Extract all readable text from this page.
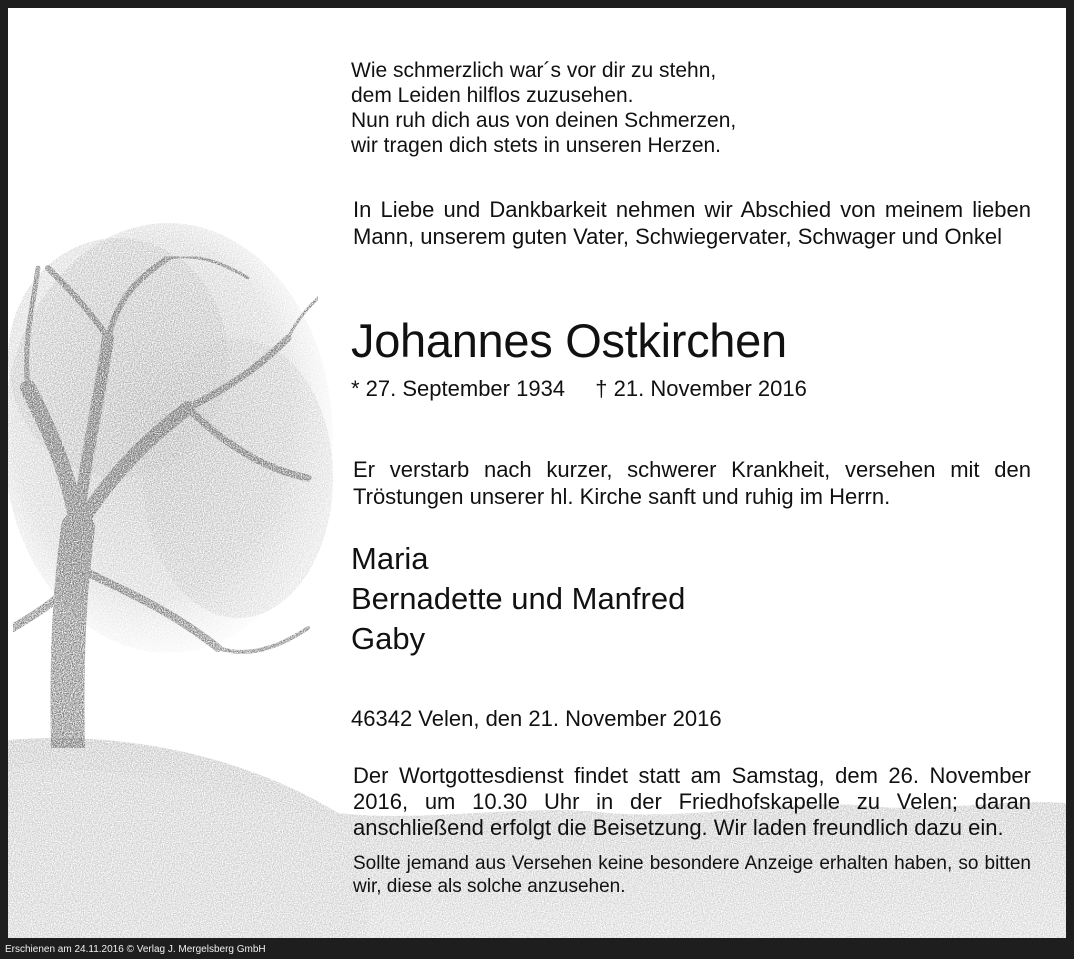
Wie schmerzlich war´s vor dir zu stehn,
dem Leiden hilflos zuzusehen.
Nun ruh dich aus von deinen Schmerzen,
wir tragen dich stets in unseren Herzen.
In Liebe und Dankbarkeit nehmen wir Abschied von meinem lieben Mann, unserem guten Vater, Schwiegervater, Schwager und Onkel
Johannes Ostkirchen
* 27. September 1934 † 21. November 2016
Er verstarb nach kurzer, schwerer Krankheit, versehen mit den Tröstungen unserer hl. Kirche sanft und ruhig im Herrn.
Maria
Bernadette und Manfred
Gaby
46342 Velen, den 21. November 2016
Der Wortgottesdienst findet statt am Samstag, dem 26. November 2016, um 10.30 Uhr in der Friedhofskapelle zu Velen; daran anschließend erfolgt die Beisetzung. Wir laden freundlich dazu ein.
Sollte jemand aus Versehen keine besondere Anzeige erhalten haben, so bitten wir, diese als solche anzusehen.
Erschienen am 24.11.2016 © Verlag J. Mergelsberg GmbH
